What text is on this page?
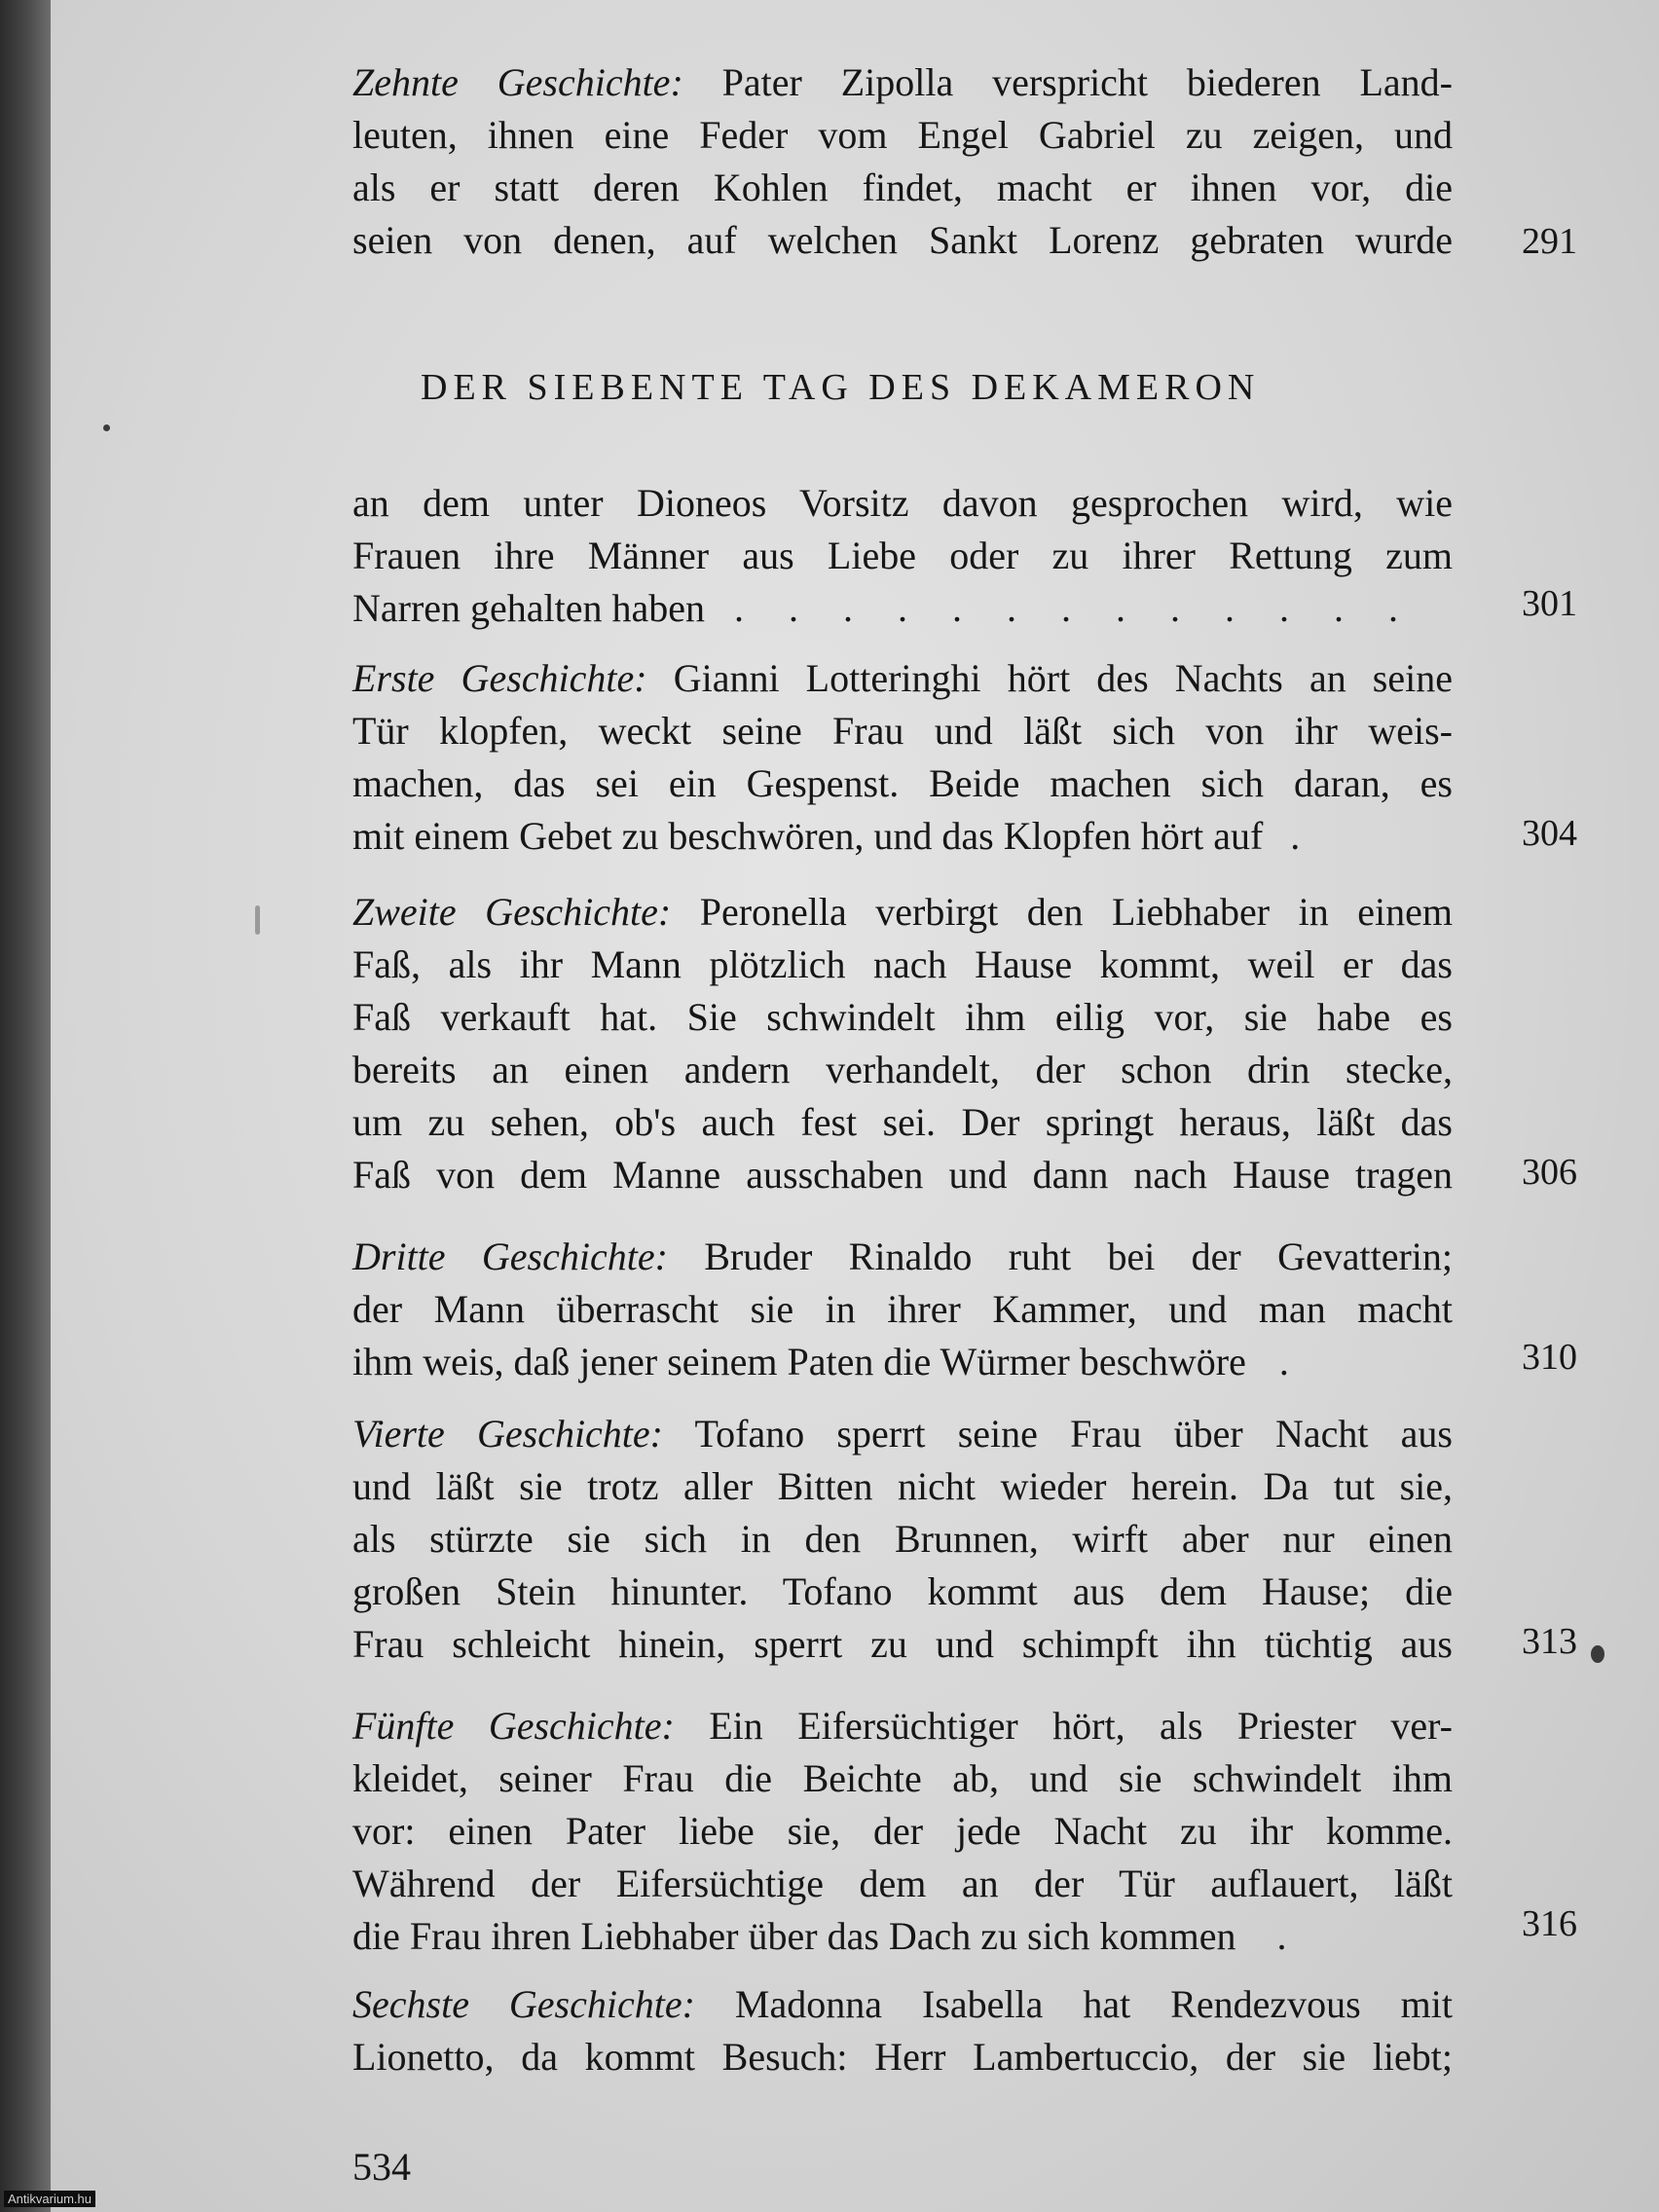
Zehnte Geschichte: Pater Zipolla verspricht biederen Land-
leuten, ihnen eine Feder vom Engel Gabriel zu zeigen, und
als er statt deren Kohlen findet, macht er ihnen vor, die
seien von denen, auf welchen Sankt Lorenz gebraten wurde	291
DER SIEBENTE TAG DES DEKAMERON
an dem unter Dioneos Vorsitz davon gesprochen wird, wie
Frauen ihre Männer aus Liebe oder zu ihrer Rettung zum
Narren gehalten haben . . . . . . . . . . . . .	301
Erste Geschichte: Gianni Lotteringhi hört des Nachts an seine
Tür klopfen, weckt seine Frau und läßt sich von ihr weis-
machen, das sei ein Gespenst. Beide machen sich daran, es
mit einem Gebet zu beschwören, und das Klopfen hört auf .	304
Zweite Geschichte: Peronella verbirgt den Liebhaber in einem
Faß, als ihr Mann plötzlich nach Hause kommt, weil er das
Faß verkauft hat. Sie schwindelt ihm eilig vor, sie habe es
bereits an einen andern verhandelt, der schon drin stecke,
um zu sehen, ob's auch fest sei. Der springt heraus, läßt das
Faß von dem Manne ausschaben und dann nach Hause tragen	306
Dritte Geschichte: Bruder Rinaldo ruht bei der Gevatterin;
der Mann überrascht sie in ihrer Kammer, und man macht
ihm weis, daß jener seinem Paten die Würmer beschwöre .	310
Vierte Geschichte: Tofano sperrt seine Frau über Nacht aus
und läßt sie trotz aller Bitten nicht wieder herein. Da tut sie,
als stürzte sie sich in den Brunnen, wirft aber nur einen
großen Stein hinunter. Tofano kommt aus dem Hause; die
Frau schleicht hinein, sperrt zu und schimpft ihn tüchtig aus	313
Fünfte Geschichte: Ein Eifersüchtiger hört, als Priester ver-
kleidet, seiner Frau die Beichte ab, und sie schwindelt ihm
vor: einen Pater liebe sie, der jede Nacht zu ihr komme.
Während der Eifersüchtige dem an der Tür auflauert, läßt
die Frau ihren Liebhaber über das Dach zu sich kommen .	316
Sechste Geschichte: Madonna Isabella hat Rendezvous mit
Lionetto, da kommt Besuch: Herr Lambertuccio, der sie liebt;
534
Antikvarium.hu
